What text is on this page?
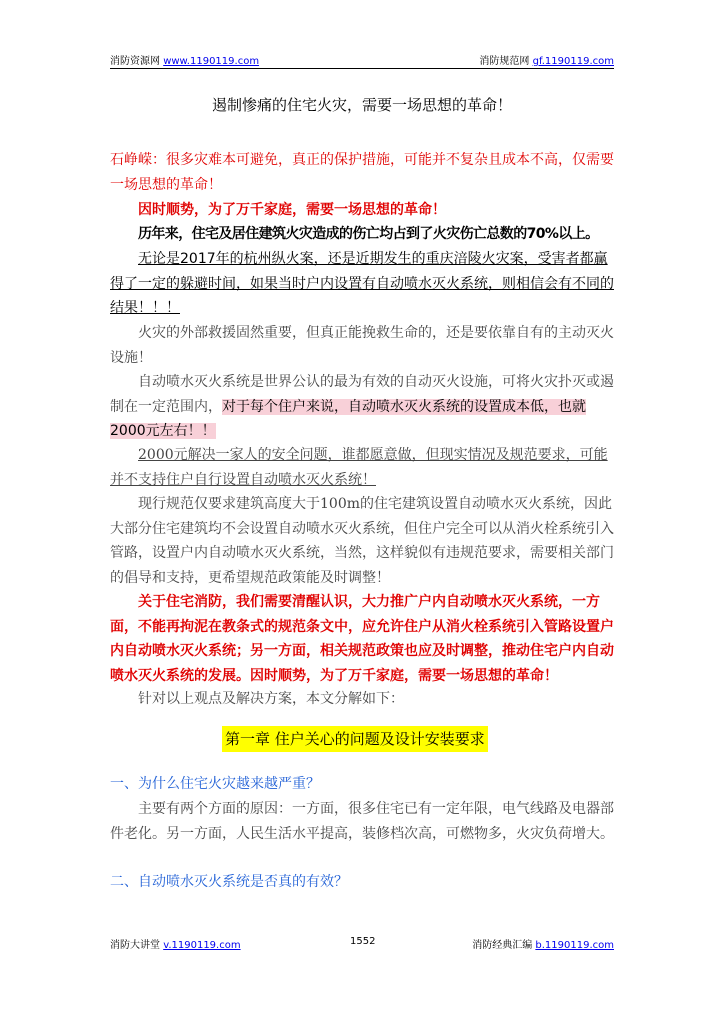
消防资源网 www.1190119.com	消防规范网 gf.1190119.com
遏制惨痛的住宅火灾，需要一场思想的革命！
石峥嵘：很多灾难本可避免，真正的保护措施，可能并不复杂且成本不高，仅需要一场思想的革命！
因时顺势，为了万千家庭，需要一场思想的革命！
历年来，住宅及居住建筑火灾造成的伤亡均占到了火灾伤亡总数的70%以上。
无论是2017年的杭州纵火案，还是近期发生的重庆涪陵火灾案，受害者都赢得了一定的躲避时间，如果当时户内设置有自动喷水灭火系统，则相信会有不同的结果！！！
火灾的外部救援固然重要，但真正能挽救生命的，还是要依靠自有的主动灭火设施！
自动喷水灭火系统是世界公认的最为有效的自动灭火设施，可将火灾扑灭或遏制在一定范围内，对于每个住户来说，自动喷水灭火系统的设置成本低，也就2000元左右！！
2000元解决一家人的安全问题，谁都愿意做，但现实情况及规范要求，可能并不支持住户自行设置自动喷水灭火系统！
现行规范仅要求建筑高度大于100m的住宅建筑设置自动喷水灭火系统，因此大部分住宅建筑均不会设置自动喷水灭火系统，但住户完全可以从消火栓系统引入管路，设置户内自动喷水灭火系统，当然，这样貌似有违规范要求，需要相关部门的倡导和支持，更希望规范政策能及时调整！
关于住宅消防，我们需要清醒认识，大力推广户内自动喷水灭火系统，一方面，不能再拘泥在教条式的规范条文中，应允许住户从消火栓系统引入管路设置户内自动喷水灭火系统；另一方面，相关规范政策也应及时调整，推动住宅户内自动喷水灭火系统的发展。因时顺势，为了万千家庭，需要一场思想的革命！
针对以上观点及解决方案，本文分解如下：
第一章 住户关心的问题及设计安装要求
一、为什么住宅火灾越来越严重？
主要有两个方面的原因：一方面，很多住宅已有一定年限，电气线路及电器部件老化。另一方面，人民生活水平提高，装修档次高，可燃物多，火灾负荷增大。
二、自动喷水灭火系统是否真的有效？
消防大讲堂 v.1190119.com	1552	消防经典汇编 b.1190119.com
